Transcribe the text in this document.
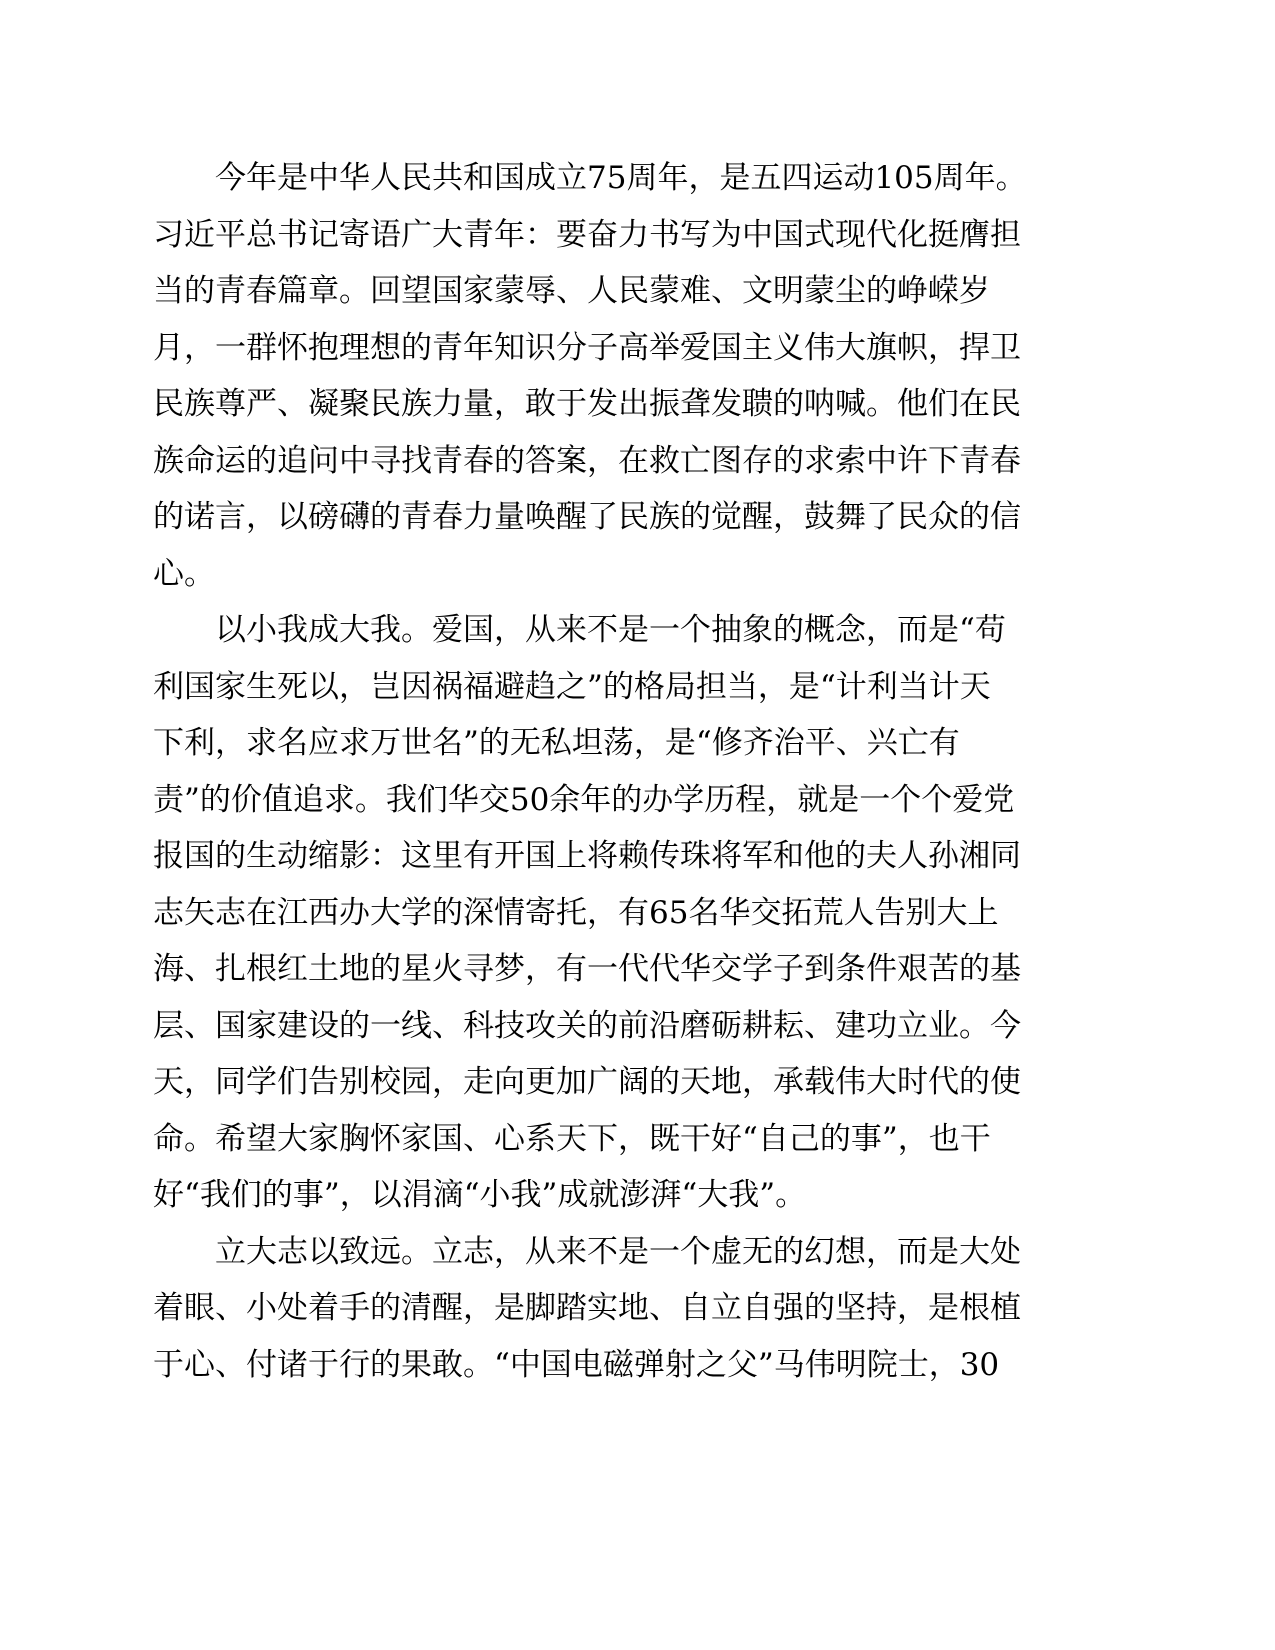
今年是中华人民共和国成立75周年，是五四运动105周年。
习近平总书记寄语广大青年：要奋力书写为中国式现代化挺膺担
当的青春篇章。回望国家蒙辱、人民蒙难、文明蒙尘的峥嵘岁
月，一群怀抱理想的青年知识分子高举爱国主义伟大旗帜，捍卫
民族尊严、凝聚民族力量，敢于发出振聋发聩的呐喊。他们在民
族命运的追问中寻找青春的答案，在救亡图存的求索中许下青春
的诺言，以磅礴的青春力量唤醒了民族的觉醒，鼓舞了民众的信
心。
以小我成大我。爱国，从来不是一个抽象的概念，而是“苟
利国家生死以，岂因祸福避趋之”的格局担当，是“计利当计天
下利，求名应求万世名”的无私坦荡，是“修齐治平、兴亡有
责”的价值追求。我们华交50余年的办学历程，就是一个个爱党
报国的生动缩影：这里有开国上将赖传珠将军和他的夫人孙湘同
志矢志在江西办大学的深情寄托，有65名华交拓荒人告别大上
海、扎根红土地的星火寻梦，有一代代华交学子到条件艰苦的基
层、国家建设的一线、科技攻关的前沿磨砺耕耘、建功立业。今
天，同学们告别校园，走向更加广阔的天地，承载伟大时代的使
命。希望大家胸怀家国、心系天下，既干好“自己的事”，也干
好“我们的事”，以涓滴“小我”成就澎湃“大我”。
立大志以致远。立志，从来不是一个虚无的幻想，而是大处
着眼、小处着手的清醒，是脚踏实地、自立自强的坚持，是根植
于心、付诸于行的果敢。“中国电磁弹射之父”马伟明院士，30
